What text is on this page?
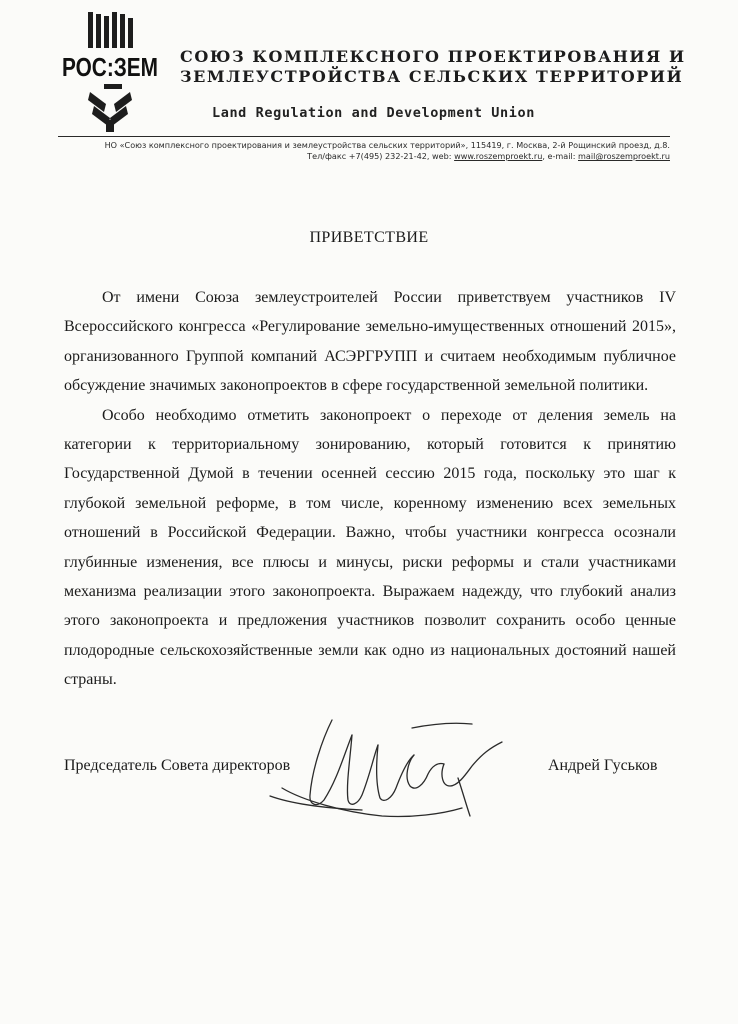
РОС:ЗЕМ СОЮЗ КОМПЛЕКСНОГО ПРОЕКТИРОВАНИЯ И
ЗЕМЛЕУСТРОЙСТВА СЕЛЬСКИХ ТЕРРИТОРИЙ
Land Regulation and Development Union
НО «Союз комплексного проектирования и землеустройства сельских территорий», 115419, г. Москва, 2-й Рощинский проезд, д.8.
Тел/факс +7(495) 232-21-42, web: www.roszemproekt.ru, e-mail: mail@roszemproekt.ru
ПРИВЕТСТВИЕ

От имени Союза землеустроителей России приветствуем участников IV Всероссийского конгресса «Регулирование земельно-имущественных отношений 2015», организованного Группой компаний АСЭРГРУПП и считаем необходимым публичное обсуждение значимых законопроектов в сфере государственной земельной политики.

Особо необходимо отметить законопроект о переходе от деления земель на категории к территориальному зонированию, который готовится к принятию Государственной Думой в течении осенней сессию 2015 года, поскольку это шаг к глубокой земельной реформе, в том числе, коренному изменению всех земельных отношений в Российской Федерации. Важно, чтобы участники конгресса осознали глубинные изменения, все плюсы и минусы, риски реформы и стали участниками механизма реализации этого законопроекта. Выражаем надежду, что глубокий анализ этого законопроекта и предложения участников позволит сохранить особо ценные плодородные сельскохозяйственные земли как одно из национальных достояний нашей страны.

Председатель Совета директоров	Андрей Гуськов
